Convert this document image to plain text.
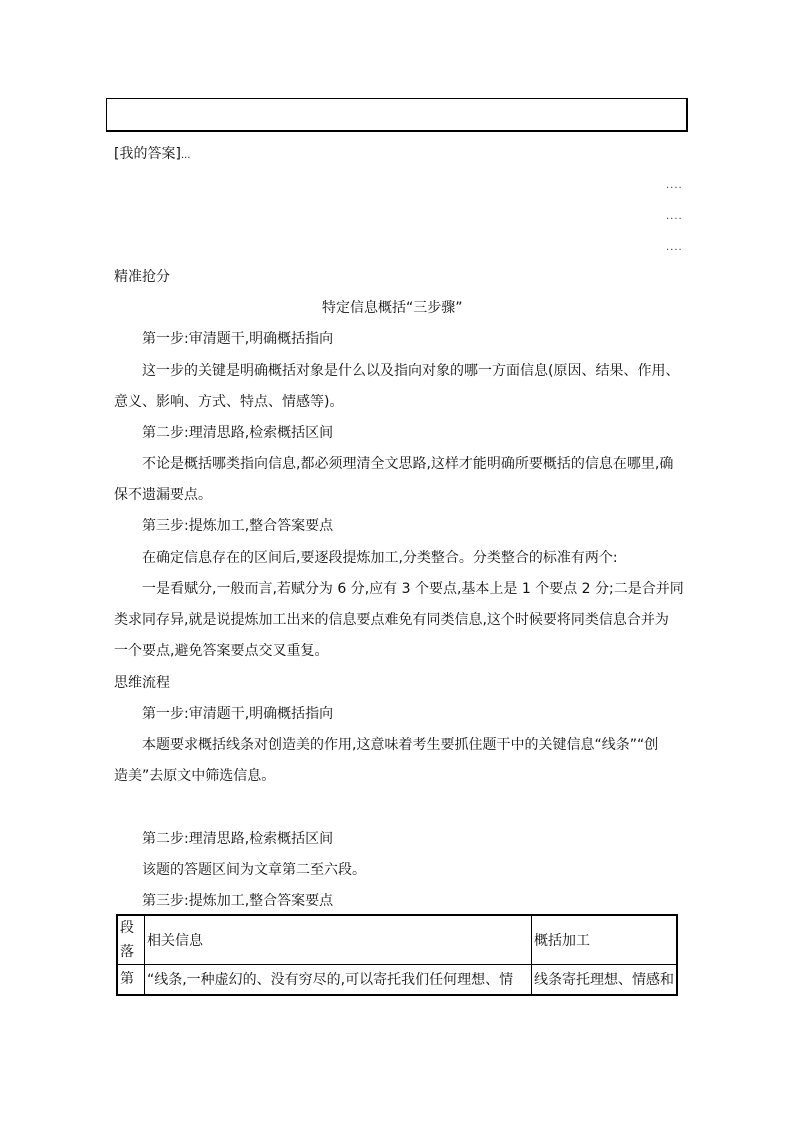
[我的答案]...
....
....
....
精准抢分
特定信息概括“三步骤”
第一步:审清题干,明确概括指向
这一步的关键是明确概括对象是什么以及指向对象的哪一方面信息(原因、结果、作用、
意义、影响、方式、特点、情感等)。
第二步:理清思路,检索概括区间
不论是概括哪类指向信息,都必须理清全文思路,这样才能明确所要概括的信息在哪里,确
保不遗漏要点。
第三步:提炼加工,整合答案要点
在确定信息存在的区间后,要逐段提炼加工,分类整合。分类整合的标准有两个:
一是看赋分,一般而言,若赋分为 6 分,应有 3 个要点,基本上是 1 个要点 2 分;二是合并同
类求同存异,就是说提炼加工出来的信息要点难免有同类信息,这个时候要将同类信息合并为
一个要点,避免答案要点交叉重复。
思维流程
第一步:审清题干,明确概括指向
本题要求概括线条对创造美的作用,这意味着考生要抓住题干中的关键信息“线条”“创
造美”去原文中筛选信息。
第二步:理清思路,检索概括区间
该题的答题区间为文章第二至六段。
第三步:提炼加工,整合答案要点
段
落	相关信息	概括加工
第	“线条,一种虚幻的、没有穷尽的,可以寄托我们任何理想、情	线条寄托理想、情感和
